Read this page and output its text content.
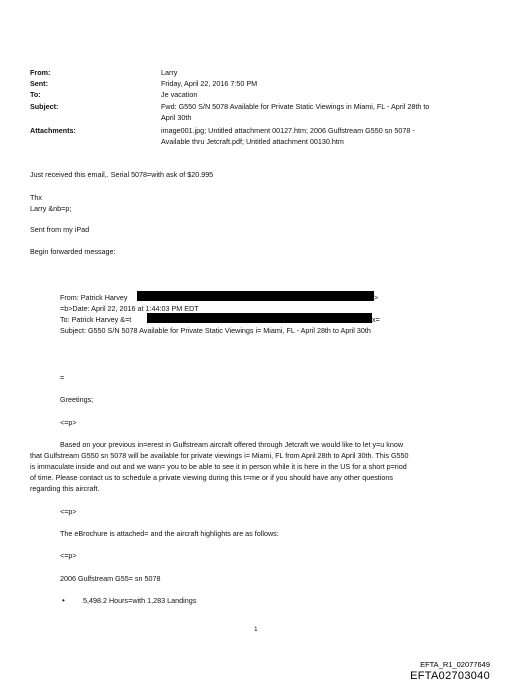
From:	Larry
Sent:	Friday, April 22, 2016 7:50 PM
To:	Je vacation
Subject:	Fwd: G550 S/N 5078 Available for Private Static Viewings in Miami, FL - April 28th to
April 30th
Attachments:	image001.jpg; Untitled attachment 00127.htm; 2006 Gulfstream G550 sn 5078 -
Available thru Jetcraft.pdf; Untitled attachment 00130.htm
Just received this email,. Serial 5078=with ask of $20.995
Thx
Larry &nb=p;
Sent from my iPad
Begin forwarded message:
From: Patrick Harvey	>
=b>Date: April 22, 2016 at 1:44:03 PM EDT
To: Patrick Harvey &=t	x=
Subject: G550 S/N 5078 Available for Private Static Viewings i= Miami, FL - April 28th to April 30th
=
Greetings;
<=p>
Based on your previous in=erest in Gulfstream aircraft offered through Jetcraft we would like to let y=u know
that Gulfstream G550 sn 5078 will be available for private viewings i= Miami, FL from April 28th to April 30th. This G550
is immaculate inside and out and we wan= you to be able to see it in person while it is here in the US for a short p=riod
of time. Please contact us to schedule a private viewing during this t=me or if you should have any other questions
regarding this aircraft.
<=p>
The eBrochure is attached= and the aircraft highlights are as follows:
<=p>
2006 Gulfstream G55= sn 5078
•	5,498.2 Hours=with 1,283 Landings
1
EFTA_R1_02077649
EFTA02703040
